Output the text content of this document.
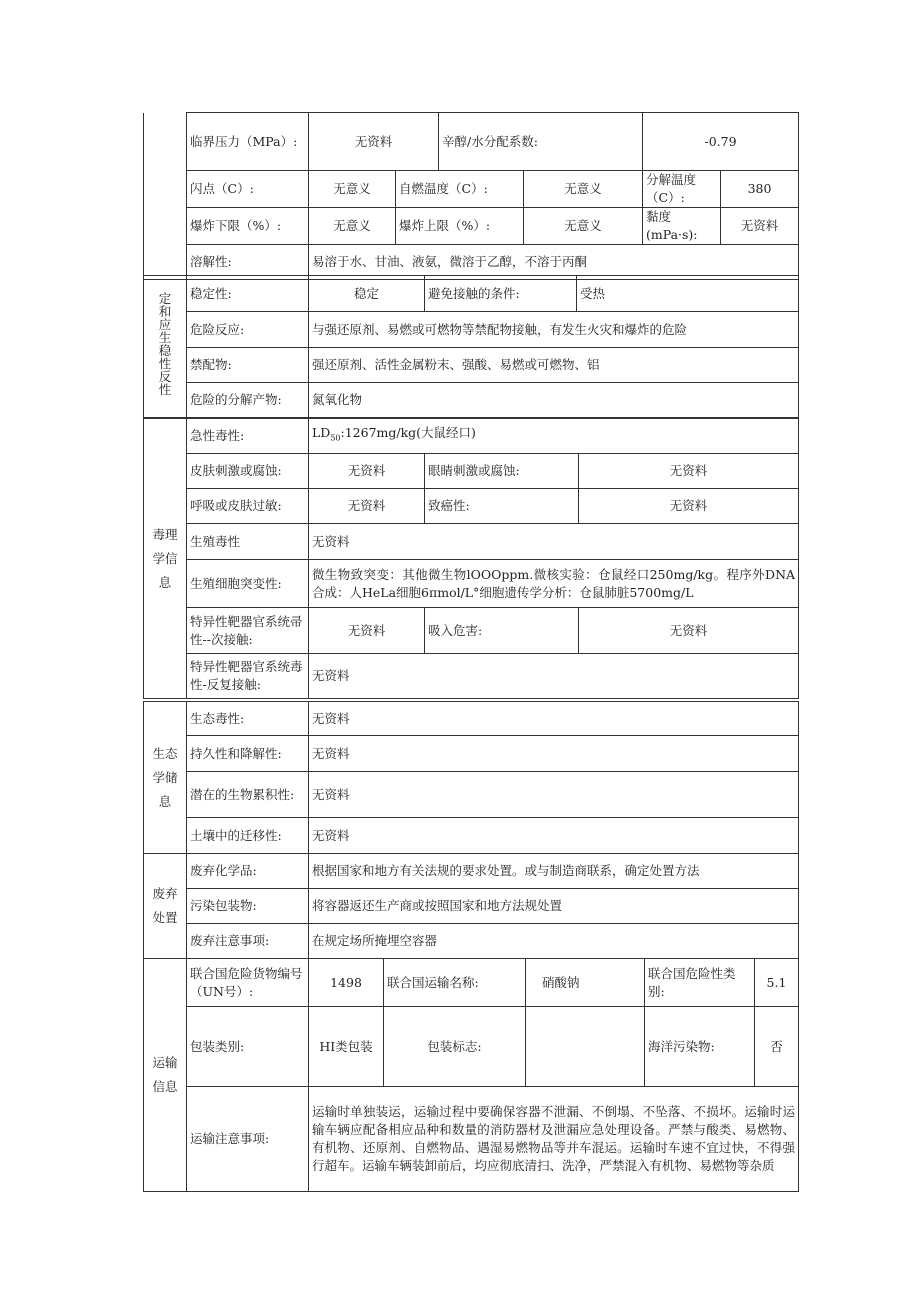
	临界压力（MPa）:	无资料		辛醇/水分配系数:		-0.79	
	闪点（C）:	无意义	自燃温度（C）:		无意义	分解温度（C）:	380
	爆炸下限（%）:	无意义	爆炸上限（%）:		无意义	黏度(mPa·s):	无资料
	溶解性:	易溶于水、甘油、液氨，微溶于乙醇，不溶于丙酮					
定和应生稳性反性	稳定性:	稳定	避免接触的条件:	受热
	危险反应:	与强还原剂、易燃或可燃物等禁配物接触，有发生火灾和爆炸的危险		
	禁配物:	强还原剂、活性金属粉末、强酸、易燃或可燃物、铝		
	危险的分解产物:	氮氧化物		
毒理
学信
息	急性毒性:	$LD_{50}:1267mg/kg$(大鼠经口)		
	皮肤刺激或腐蚀:	无资料	眼睛刺激或腐蚀:	无资料
	呼吸或皮肤过敏:	无资料	致癌性:	无资料
	生殖毒性	无资料		
	生殖细胞突变性:	微生物致突变：其他微生物lOOOppm.微核实验：仓鼠经口250mg/kg。程序外DNA合成：人HeLa细胞6πmol/L°细胞遗传学分析：仓鼠肺脏5700mg/L		
	特异性靶器官系统帚性--次接触:	无资料	吸入危害:	无资料
	特异性靶器官系统毒性-反复接触:	无资料		
生态
学储
息	生态毒性:	无资料
	持久性和降解性:	无资料
	潜在的生物累积性:	无资料
	土壤中的迁移性:	无资料
废弃
处置	废弃化学品:	根据国家和地方有关法规的要求处置。或与制造商联系，确定处置方法
	污染包装物:	将容器返还生产商或按照国家和地方法规处置
	废弃注意事项:	在规定场所掩埋空容器
运输
信息	联合国危险货物编号（UN号）:	1498	联合国运输名称:	硝酸钠	联合国危险性类别:	5.1
	包装类别:	HI类包装	包装标志:		海洋污染物:	否
	运输注意事项:	运输时单独装运，运输过程中要确保容器不泄漏、不倒塌、不坠落、不损坏。运输时运输车辆应配备相应品种和数量的消防器材及泄漏应急处理设备。严禁与酸类、易燃物、有机物、还原剂、自燃物品、遇湿易燃物品等并车混运。运输时车速不宜过快，不得强行超车。运输车辆装卸前后，均应彻底清扫、洗净，严禁混入有机物、易燃物等杂质				
